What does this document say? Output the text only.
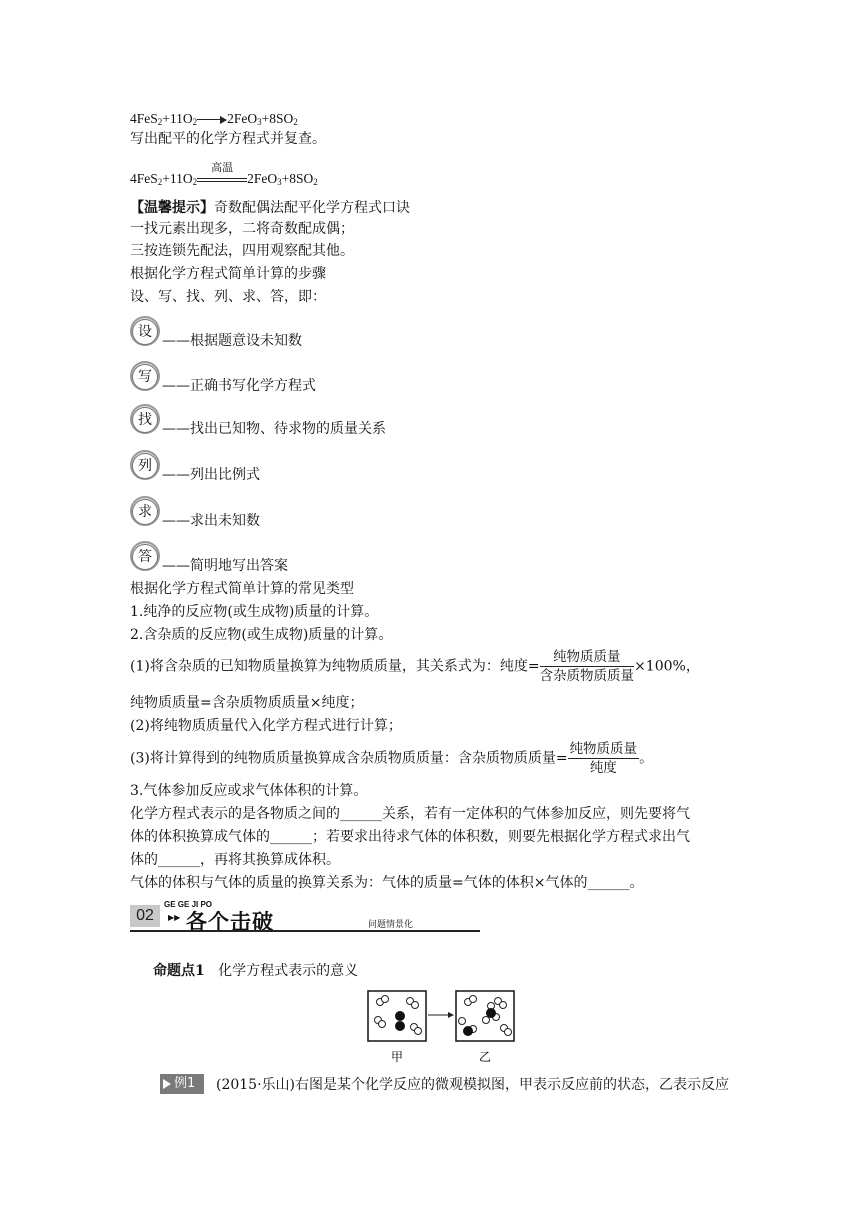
$4FeS_2+11O_2$ $2FeO_3+8SO_2$
写出配平的化学方程式并复查。
$4FeS_2+11O_2$
高温
$2FeO_3+8SO_2$
【温馨提示】奇数配偶法配平化学方程式口诀
一找元素出现多，二将奇数配成偶；
三按连锁先配法，四用观察配其他。
根据化学方程式简单计算的步骤
设、写、找、列、求、答，即：
设
——根据题意设未知数
写
——正确书写化学方程式
找
——找出已知物、待求物的质量关系
列
——列出比例式
求
——求出未知数
答
——简明地写出答案
根据化学方程式简单计算的常见类型
1.纯净的反应物(或生成物)质量的计算。
2.含杂质的反应物(或生成物)质量的计算。
(1)将含杂质的已知物质量换算为纯物质质量，其关系式为：纯度= $\frac{\text{纯物质质量}}{\text{含杂质物质质量}} \times 100\%$，
纯物质质量=含杂质物质质量×纯度；
(2)将纯物质质量代入化学方程式进行计算；
(3)将计算得到的纯物质质量换算成含杂质物质质量：含杂质物质质量= $\frac{\text{纯物质质量}}{\text{纯度}}$ 。
3.气体参加反应或求气体体积的计算。
化学方程式表示的是各物质之间的______关系，若有一定体积的气体参加反应，则先要将气
体的体积换算成气体的______；若要求出待求气体的体积数，则要先根据化学方程式求出气
体的______，再将其换算成体积。
气体的体积与气体的质量的换算关系为：气体的质量=气体的体积×气体的______。
02
GE GE JI PO
▶▶ 各个击破	问题情景化
命题点1 化学方程式表示的意义
甲	乙
例1 (2015·乐山)右图是某个化学反应的微观模拟图，甲表示反应前的状态，乙表示反应
